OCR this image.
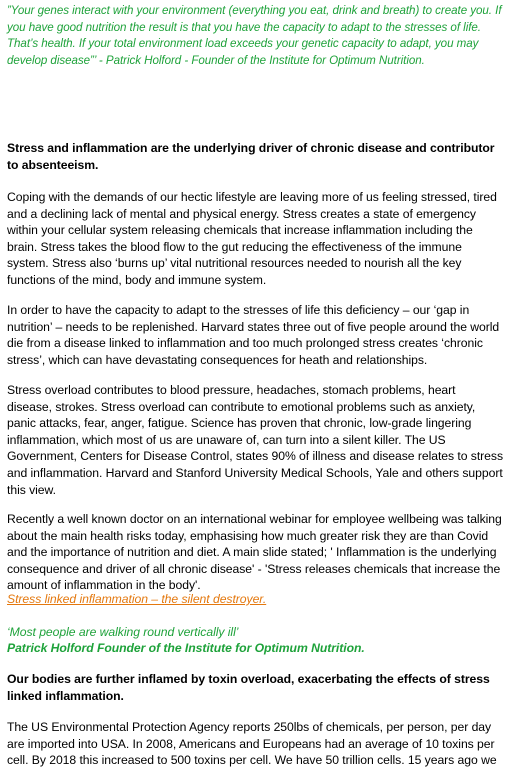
”Your genes interact with your environment (everything you eat, drink and breath) to create you. If you have good nutrition the result is that you have the capacity to adapt to the stresses of life. That’s health. If your total environment load exceeds your genetic capacity to adapt, you may develop disease”’ - Patrick Holford - Founder of the Institute for Optimum Nutrition.

Stress and inflammation are the underlying driver of chronic disease and contributor to absenteeism.

Coping with the demands of our hectic lifestyle are leaving more of us feeling stressed, tired and a declining lack of mental and physical energy. Stress creates a state of emergency within your cellular system releasing chemicals that increase inflammation including the brain. Stress takes the blood flow to the gut reducing the effectiveness of the immune system. Stress also ‘burns up’ vital nutritional resources needed to nourish all the key functions of the mind, body and immune system.

In order to have the capacity to adapt to the stresses of life this deficiency – our ‘gap in nutrition’ – needs to be replenished. Harvard states three out of five people around the world die from a disease linked to inflammation and too much prolonged stress creates ‘chronic stress’, which can have devastating consequences for heath and relationships.

Stress overload contributes to blood pressure, headaches, stomach problems, heart disease, strokes. Stress overload can contribute to emotional problems such as anxiety, panic attacks, fear, anger, fatigue. Science has proven that chronic, low-grade lingering inflammation, which most of us are unaware of, can turn into a silent killer. The US Government, Centers for Disease Control, states 90% of illness and disease relates to stress and inflammation. Harvard and Stanford University Medical Schools, Yale and others support this view.

Recently a well known doctor on an international webinar for employee wellbeing was talking about the main health risks today, emphasising how much greater risk they are than Covid and the importance of nutrition and diet. A main slide stated; ' Inflammation is the underlying consequence and driver of all chronic disease' - 'Stress releases chemicals that increase the amount of inflammation in the body'.

Stress linked inflammation – the silent destroyer.

‘Most people are walking round vertically ill’

Patrick Holford Founder of the Institute for Optimum Nutrition.

Our bodies are further inflamed by toxin overload, exacerbating the effects of stress linked inflammation.

The US Environmental Protection Agency reports 250lbs of chemicals, per person, per day are imported into USA. In 2008, Americans and Europeans had an average of 10 toxins per cell. By 2018 this increased to 500 toxins per cell. We have 50 trillion cells. 15 years ago we
